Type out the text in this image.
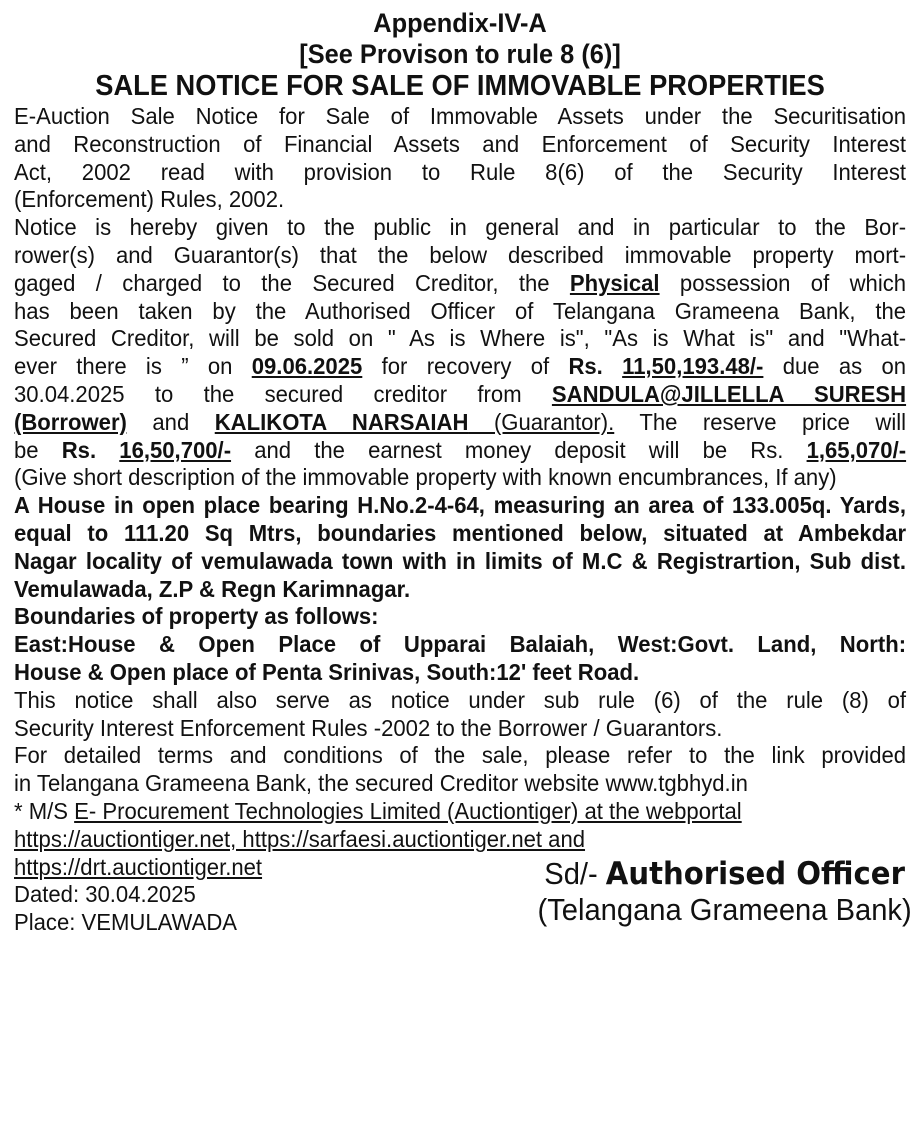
Appendix-IV-A
[See Provison to rule 8 (6)]
SALE NOTICE FOR SALE OF IMMOVABLE PROPERTIES
E-Auction Sale Notice for Sale of Immovable Assets under the Securitisation
and Reconstruction of Financial Assets and Enforcement of Security Interest
Act, 2002 read with provision to Rule 8(6) of the Security Interest
(Enforcement) Rules, 2002.
Notice is hereby given to the public in general and in particular to the Bor-
rower(s) and Guarantor(s) that the below described immovable property mort-
gaged / charged to the Secured Creditor, the Physical possession of which
has been taken by the Authorised Officer of Telangana Grameena Bank, the
Secured Creditor, will be sold on " As is Where is", "As is What is" and "What-
ever there is ” on 09.06.2025 for recovery of Rs. 11,50,193.48/- due as on
30.04.2025 to the secured creditor from SANDULA@JILLELLA SURESH
(Borrower) and KALIKOTA NARSAIAH (Guarantor). The reserve price will
be Rs. 16,50,700/- and the earnest money deposit will be Rs. 1,65,070/-
(Give short description of the immovable property with known encumbrances, If any)
A House in open place bearing H.No.2-4-64, measuring an area of 133.005q. Yards,
equal to 111.20 Sq Mtrs, boundaries mentioned below, situated at Ambekdar
Nagar locality of vemulawada town with in limits of M.C & Registrartion, Sub dist.
Vemulawada, Z.P & Regn Karimnagar.
Boundaries of property as follows:
East:House & Open Place of Upparai Balaiah, West:Govt. Land, North:
House & Open place of Penta Srinivas, South:12' feet Road.
This notice shall also serve as notice under sub rule (6) of the rule (8) of
Security Interest Enforcement Rules -2002 to the Borrower / Guarantors.
For detailed terms and conditions of the sale, please refer to the link provided
in Telangana Grameena Bank, the secured Creditor website www.tgbhyd.in
* M/S E- Procurement Technologies Limited (Auctiontiger) at the webportal
https://auctiontiger.net, https://sarfaesi.auctiontiger.net and
https://drt.auctiontiger.net
Dated: 30.04.2025
Place: VEMULAWADA
Sd/- Authorised Officer
(Telangana Grameena Bank)
